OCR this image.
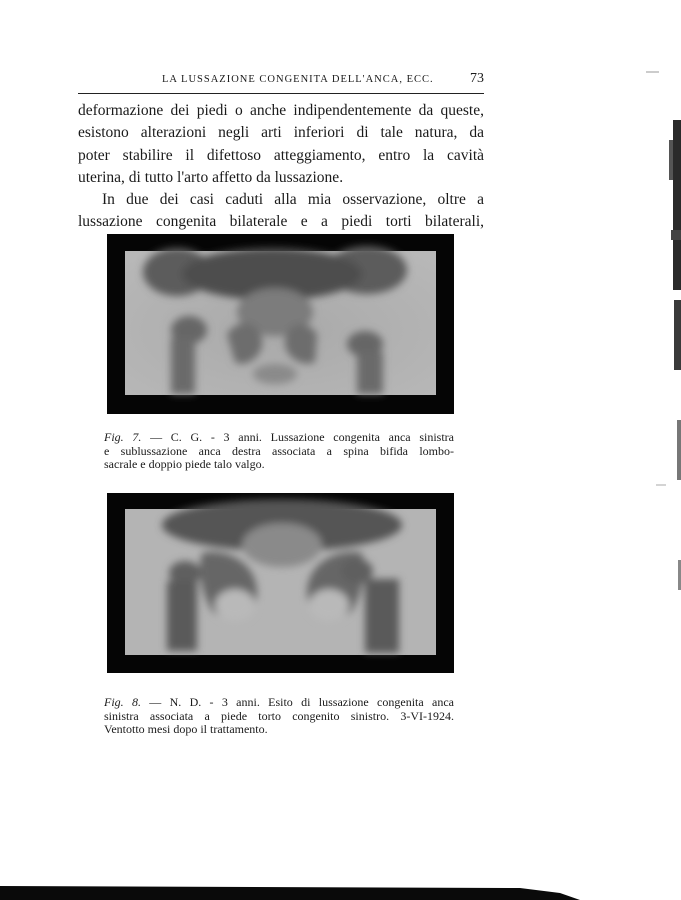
LA LUSSAZIONE CONGENITA DELL'ANCA, ECC.	73

deformazione dei piedi o anche indipendentemente da queste,

esistono alterazioni negli arti inferiori di tale natura, da

poter stabilire il difettoso atteggiamento, entro la cavità

uterina, di tutto l'arto affetto da lussazione.

In due dei casi caduti alla mia osservazione, oltre a

lussazione congenita bilaterale e a piedi torti bilaterali,

Fig. 7. — C. G. - 3 anni. Lussazione congenita anca sinistra

e sublussazione anca destra associata a spina bifida lombo-

sacrale e doppio piede talo valgo.

Fig. 8. — N. D. - 3 anni. Esito di lussazione congenita anca

sinistra associata a piede torto congenito sinistro. 3-VI-1924.

Ventotto mesi dopo il trattamento.
